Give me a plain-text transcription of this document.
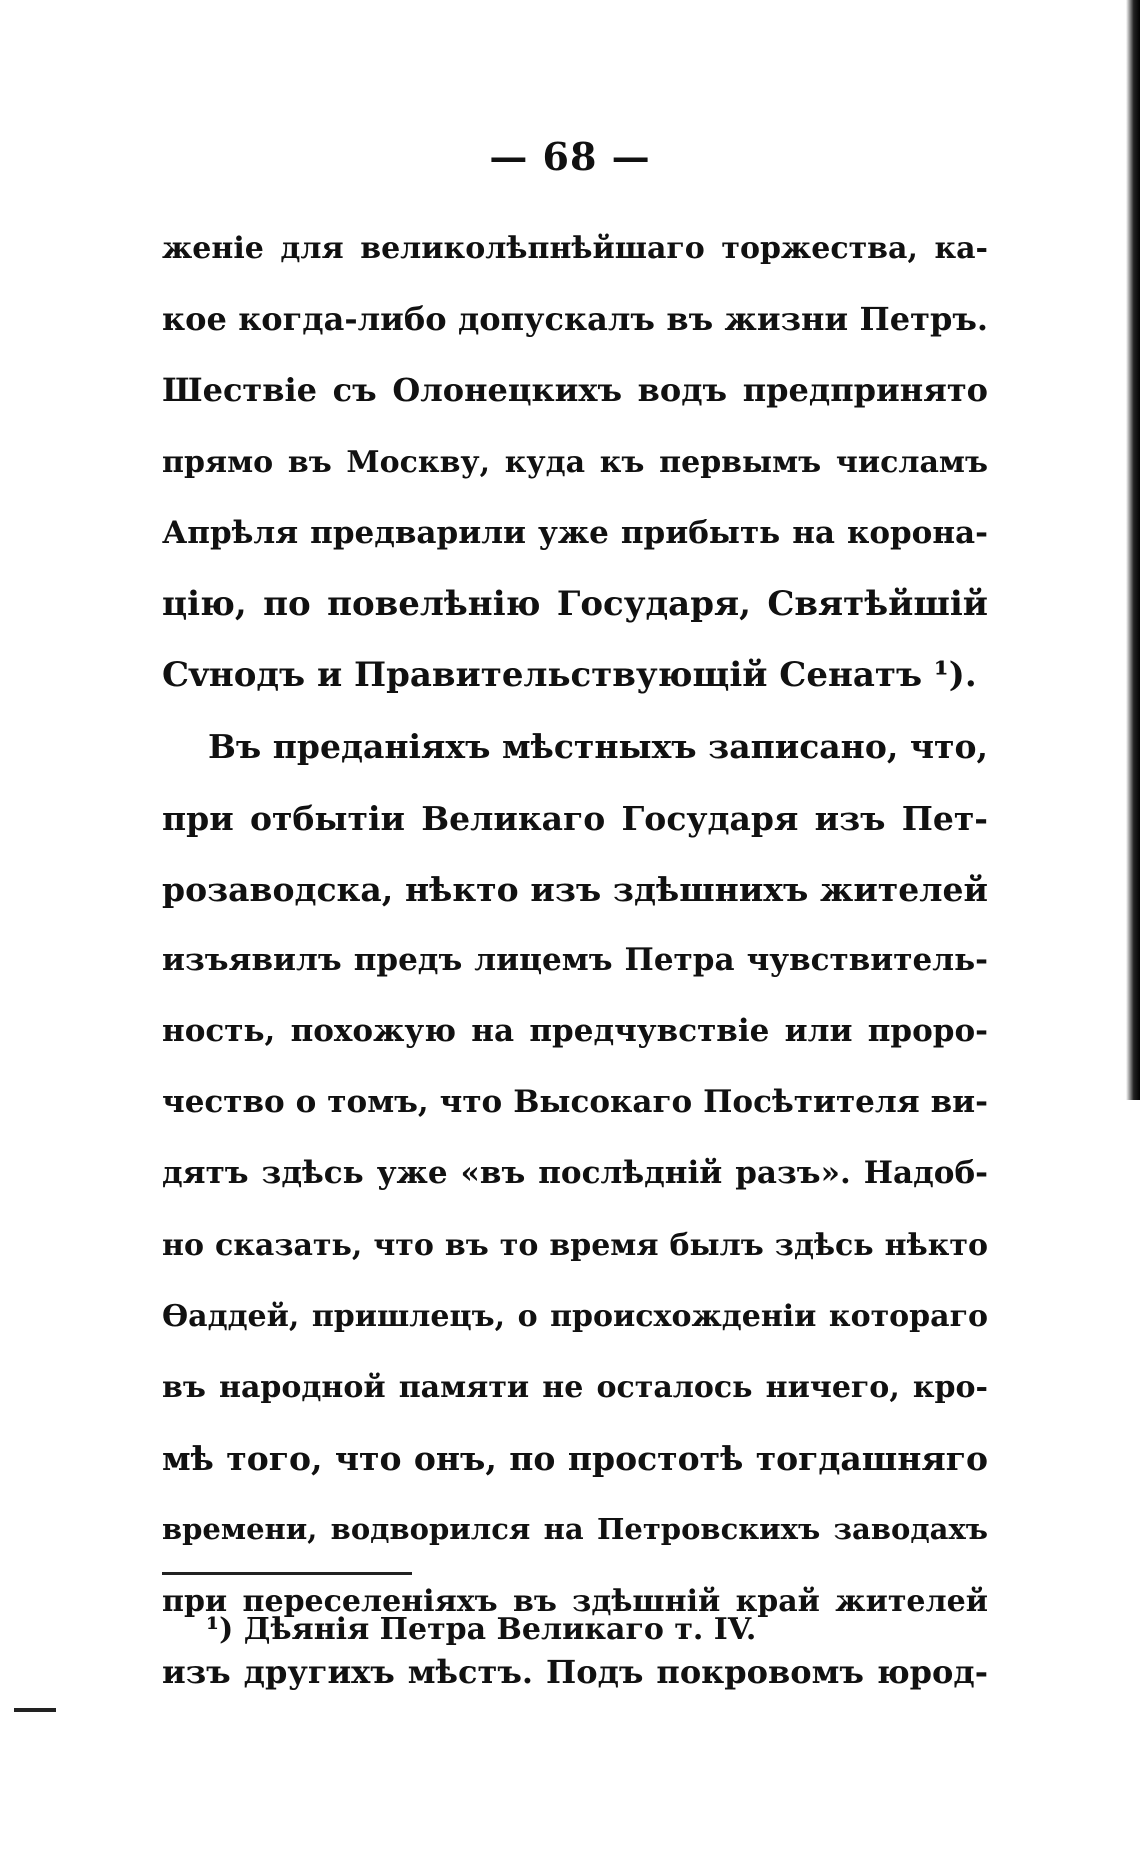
— 68 —
женіе для великолѣпнѣйшаго торжества, ка-
кое когда-либо допускалъ въ жизни Петръ.
Шествіе съ Олонецкихъ водъ предпринято
прямо въ Москву, куда къ первымъ числамъ
Апрѣля предварили уже прибыть на корона-
цію, по повелѣнію Государя, Святѣйшій
Сvнодъ и Правительствующій Сенатъ ¹).
Въ преданіяхъ мѣстныхъ записано, что,
при отбытіи Великаго Государя изъ Пет-
розаводска, нѣкто изъ здѣшнихъ жителей
изъявилъ предъ лицемъ Петра чувствитель-
ность, похожую на предчувствіе или проро-
чество о томъ, что Высокаго Посѣтителя ви-
дятъ здѣсь уже «въ послѣдній разъ». Надоб-
но сказать, что въ то время былъ здѣсь нѣкто
Өаддей, пришлецъ, о происхожденіи котораго
въ народной памяти не осталось ничего, кро-
мѣ того, что онъ, по простотѣ тогдашняго
времени, водворился на Петровскихъ заводахъ
при переселеніяхъ въ здѣшній край жителей
изъ другихъ мѣстъ. Подъ покровомъ юрод-
¹) Дѣянія Петра Великаго т. IV.
